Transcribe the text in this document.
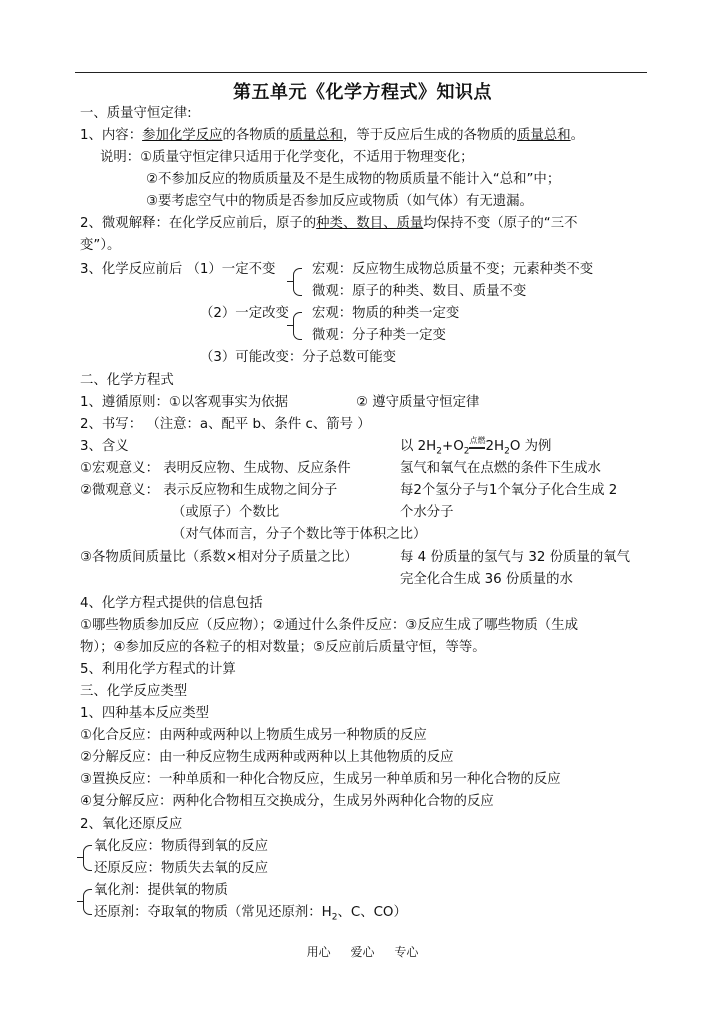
第五单元《化学方程式》知识点
一、质量守恒定律:
1、内容：参加化学反应的各物质的质量总和，等于反应后生成的各物质的质量总和。
说明：①质量守恒定律只适用于化学变化，不适用于物理变化；
②不参加反应的物质质量及不是生成物的物质质量不能计入“总和”中；
③要考虑空气中的物质是否参加反应或物质（如气体）有无遗漏。
2、微观解释：在化学反应前后，原子的种类、数目、质量均保持不变（原子的“三不
变”）。
3、化学反应前后 （1）一定不变	宏观：反应物生成物总质量不变；元素种类不变
微观：原子的种类、数目、质量不变
（2）一定改变 宏观：物质的种类一定变
微观：分子种类一定变
（3）可能改变：分子总数可能变
二、化学方程式
1、遵循原则：①以客观事实为依据	② 遵守质量守恒定律
2、书写： （注意：a、配平 b、条件 c、箭号 ）
3、含义	以 $2H_2+O_2^{点燃}2H_2O$ 为例
①宏观意义： 表明反应物、生成物、反应条件	氢气和氧气在点燃的条件下生成水
②微观意义： 表示反应物和生成物之间分子	每2个氢分子与1个氧分子化合生成 2
（或原子）个数比	个水分子
（对气体而言，分子个数比等于体积之比）
③各物质间质量比（系数×相对分子质量之比）	每 4 份质量的氢气与 32 份质量的氧气
完全化合生成 36 份质量的水
4、化学方程式提供的信息包括
①哪些物质参加反应（反应物）；②通过什么条件反应：③反应生成了哪些物质（生成
物）；④参加反应的各粒子的相对数量；⑤反应前后质量守恒，等等。
5、利用化学方程式的计算
三、化学反应类型
1、四种基本反应类型
①化合反应：由两种或两种以上物质生成另一种物质的反应
②分解反应：由一种反应物生成两种或两种以上其他物质的反应
③置换反应：一种单质和一种化合物反应，生成另一种单质和另一种化合物的反应
④复分解反应：两种化合物相互交换成分，生成另外两种化合物的反应
2、氧化还原反应
氧化反应：物质得到氧的反应
还原反应：物质失去氧的反应
氧化剂：提供氧的物质
还原剂：夺取氧的物质（常见还原剂：$H_2$、C、CO）
用心 爱心 专心
